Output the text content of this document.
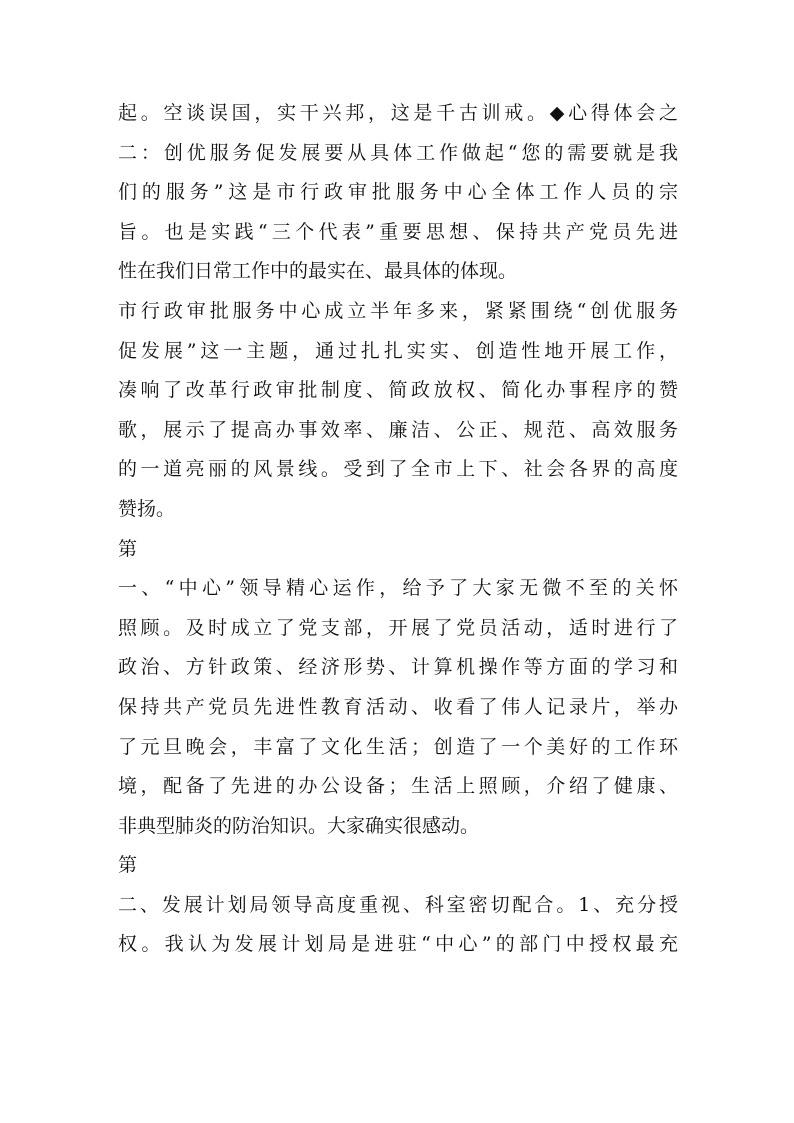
起。空谈误国，实干兴邦，这是千古训戒。◆心得体会之
二：创优服务促发展要从具体工作做起“您的需要就是我
们的服务”这是市行政审批服务中心全体工作人员的宗
旨。也是实践“三个代表”重要思想、保持共产党员先进
性在我们日常工作中的最实在、最具体的体现。
市行政审批服务中心成立半年多来，紧紧围绕“创优服务
促发展”这一主题，通过扎扎实实、创造性地开展工作，
凑响了改革行政审批制度、简政放权、简化办事程序的赞
歌，展示了提高办事效率、廉洁、公正、规范、高效服务
的一道亮丽的风景线。受到了全市上下、社会各界的高度
赞扬。
第
一、“中心”领导精心运作，给予了大家无微不至的关怀
照顾。及时成立了党支部，开展了党员活动，适时进行了
政治、方针政策、经济形势、计算机操作等方面的学习和
保持共产党员先进性教育活动、收看了伟人记录片，举办
了元旦晚会，丰富了文化生活；创造了一个美好的工作环
境，配备了先进的办公设备；生活上照顾，介绍了健康、
非典型肺炎的防治知识。大家确实很感动。
第
二、发展计划局领导高度重视、科室密切配合。1、充分授
权。我认为发展计划局是进驻“中心”的部门中授权最充
